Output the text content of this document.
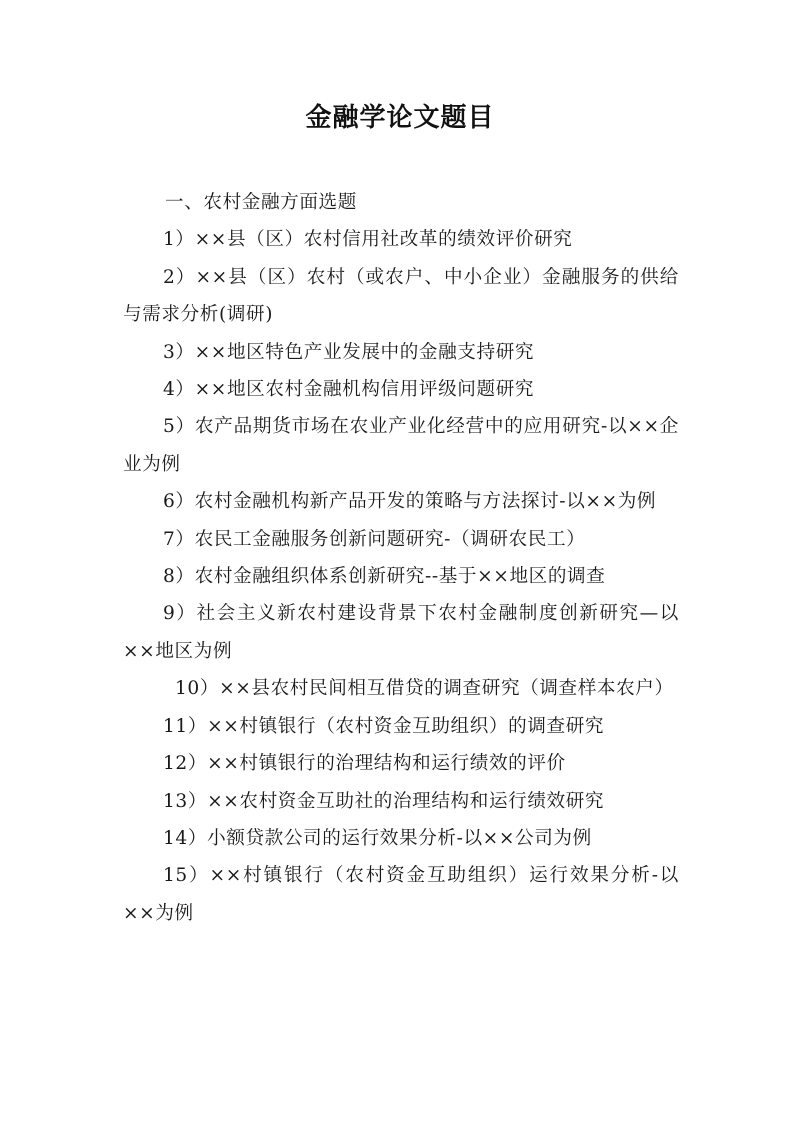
金融学论文题目

一、农村金融方面选题

1）××县（区）农村信用社改革的绩效评价研究
2）××县（区）农村（或农户、中小企业）金融服务的供给与需求分析(调研)
3）××地区特色产业发展中的金融支持研究
4）××地区农村金融机构信用评级问题研究
5）农产品期货市场在农业产业化经营中的应用研究-以××企业为例
6）农村金融机构新产品开发的策略与方法探讨-以××为例
7）农民工金融服务创新问题研究-（调研农民工）
8）农村金融组织体系创新研究--基于××地区的调查
9）社会主义新农村建设背景下农村金融制度创新研究—以××地区为例
10）××县农村民间相互借贷的调查研究（调查样本农户）
11）××村镇银行（农村资金互助组织）的调查研究
12）××村镇银行的治理结构和运行绩效的评价
13）××农村资金互助社的治理结构和运行绩效研究
14）小额贷款公司的运行效果分析-以××公司为例
15）××村镇银行（农村资金互助组织）运行效果分析-以××为例
